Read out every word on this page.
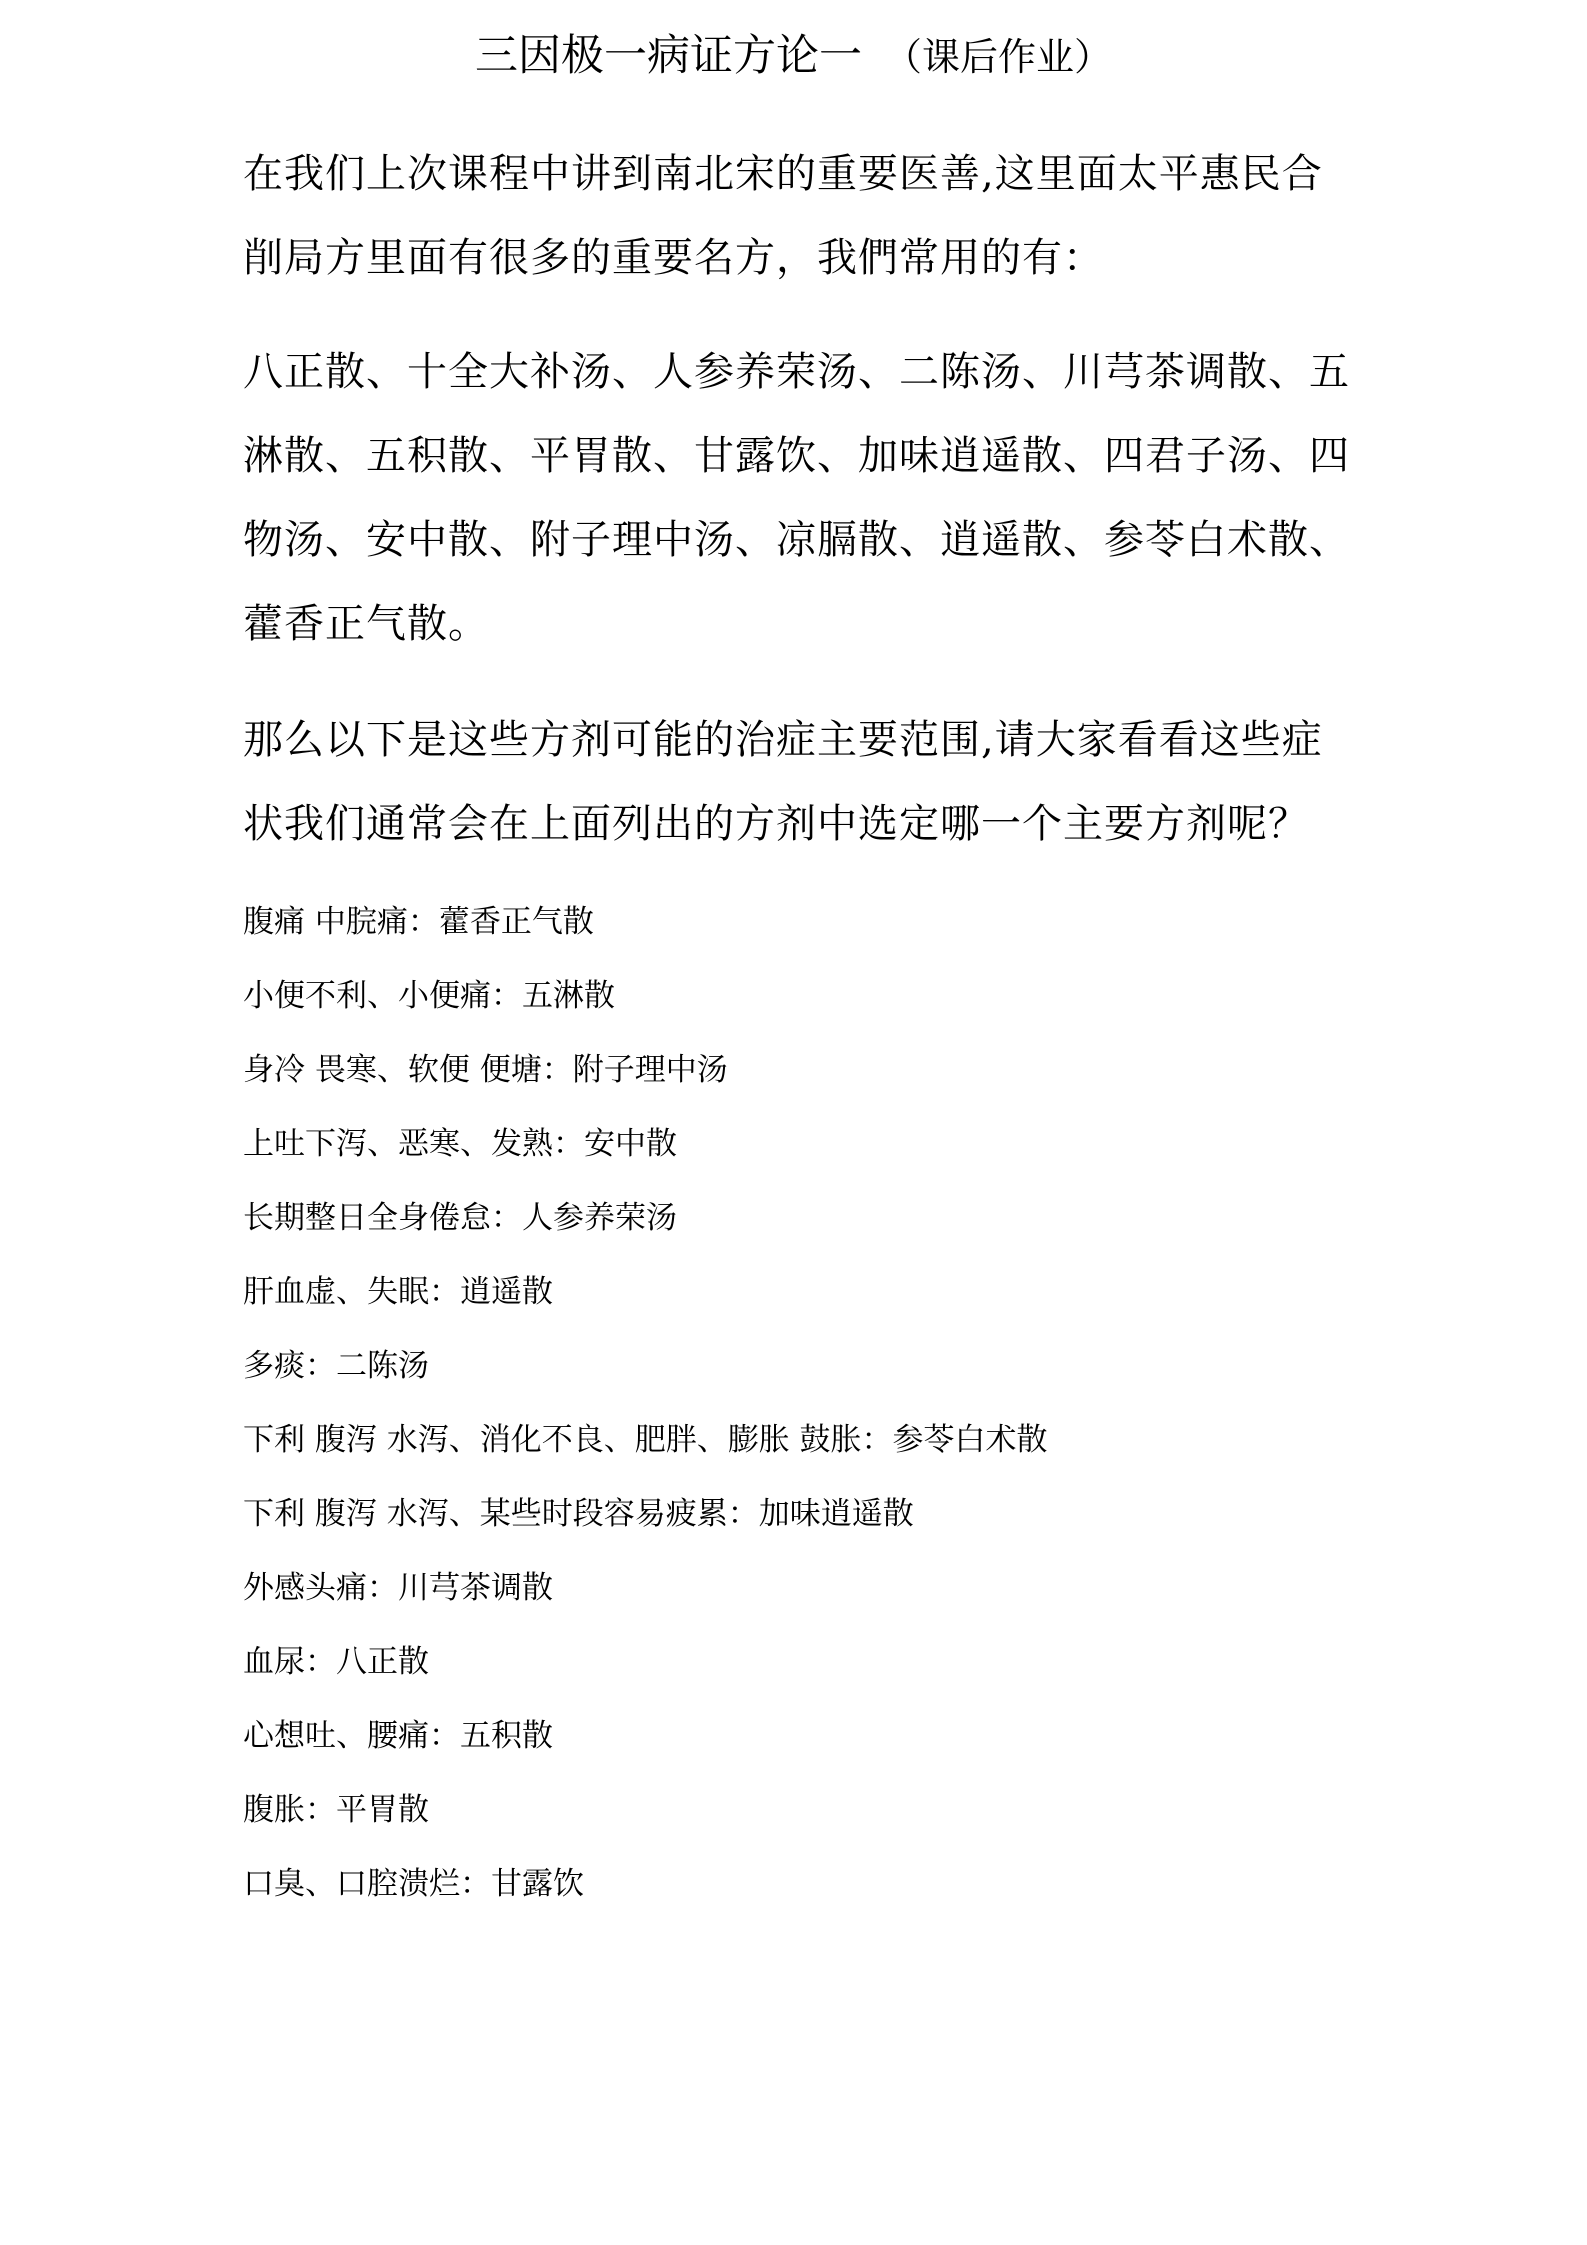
三因极一病证方论一 （课后作业）

在我们上次课程中讲到南北宋的重要医善,这里面太平惠民合削局方里面有很多的重要名方，我們常用的有：

八正散、十全大补汤、人参养荣汤、二陈汤、川芎茶调散、五淋散、五积散、平胃散、甘露饮、加味逍遥散、四君子汤、四物汤、安中散、附子理中汤、凉膈散、逍遥散、参苓白术散、藿香正气散。

那么以下是这些方剂可能的治症主要范围,请大家看看这些症状我们通常会在上面列出的方剂中选定哪一个主要方剂呢？

腹痛 中脘痛：藿香正气散
小便不利、小便痛：五淋散
身冷 畏寒、软便 便塘：附子理中汤
上吐下泻、恶寒、发熟：安中散
长期整日全身倦怠：人参养荣汤
肝血虚、失眠：逍遥散
多痰：二陈汤
下利 腹泻 水泻、消化不良、肥胖、膨胀 鼓胀：参苓白术散
下利 腹泻 水泻、某些时段容易疲累：加味逍遥散
外感头痛：川芎茶调散
血尿：八正散
心想吐、腰痛：五积散
腹胀：平胃散
口臭、口腔溃烂：甘露饮
